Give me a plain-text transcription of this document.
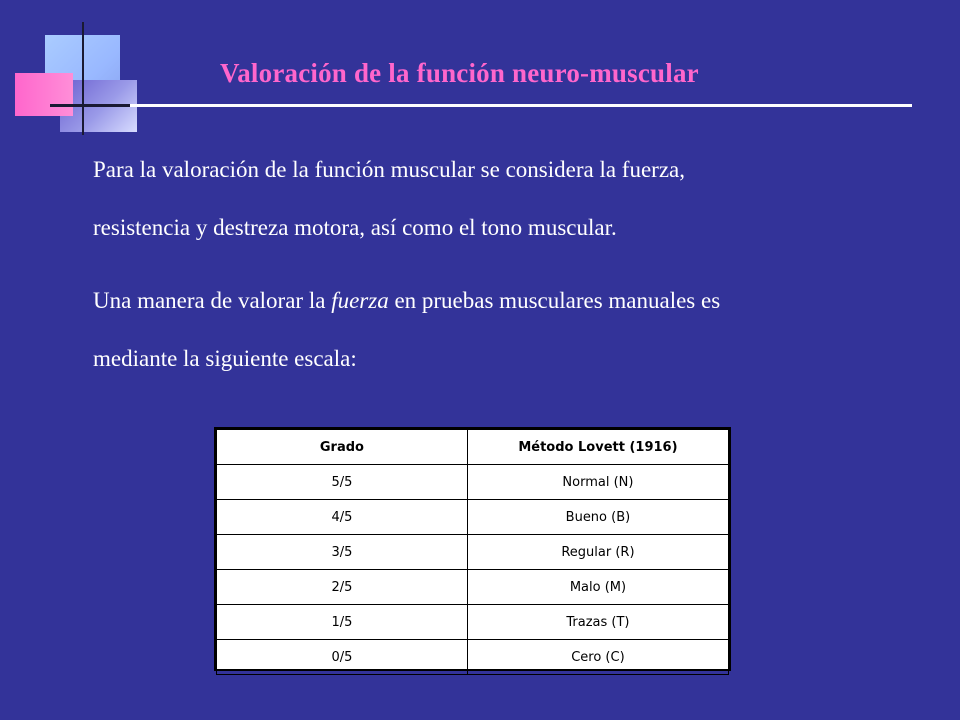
Valoración de la función neuro-muscular
Para la valoración de la función muscular se considera la fuerza,
resistencia y destreza motora, así como el tono muscular.
Una manera de valorar la fuerza en pruebas musculares manuales es
mediante la siguiente escala:
Grado	Método Lovett (1916)
5/5	Normal (N)
4/5	Bueno (B)
3/5	Regular (R)
2/5	Malo (M)
1/5	Trazas (T)
0/5	Cero (C)
